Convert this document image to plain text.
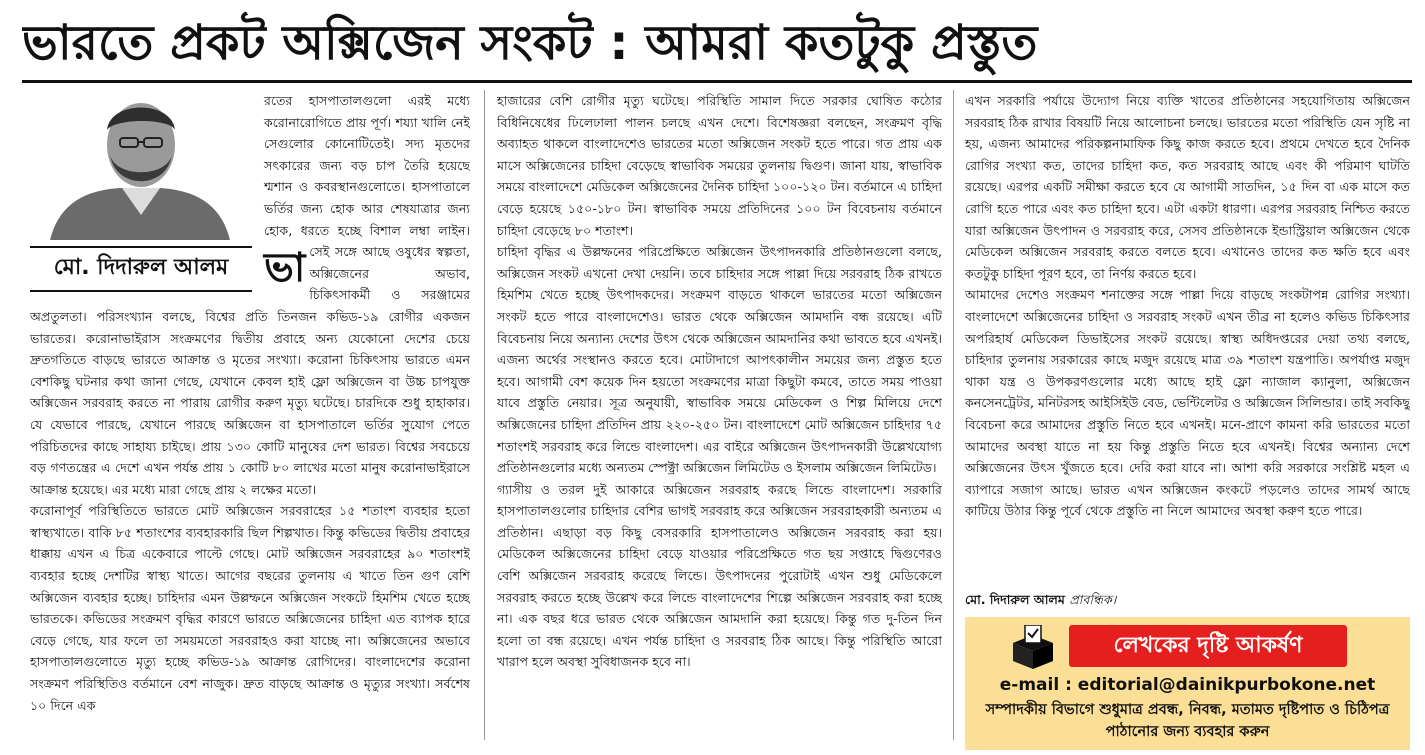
ভারতে প্রকট অক্সিজেন সংকট : আমরা কতটুকু প্রস্তুত
মো. দিদারুল আলম ভা
রতের হাসপাতালগুলো এরই মধ্যে করোনারোগিতে প্রায় পূর্ণ। শয্যা খালি নেই সেগুলোর কোনোটিতেই। সদ্য মৃতদের সৎকারের জন্য বড় চাপ তৈরি হয়েছে শ্মশান ও কবরস্থানগুলোতে। হাসপাতালে ভর্তির জন্য হোক আর শেষযাত্রার জন্য হোক, ধরতে হচ্ছে বিশাল লম্বা লাইন। সেই সঙ্গে আছে ওষুধের স্বল্পতা, অক্সিজেনের অভাব, চিকিৎসাকর্মী ও সরঞ্জামের অপ্রতুলতা। পরিসংখ্যান বলছে, বিশ্বের প্রতি তিনজন কভিড-১৯ রোগীর একজন ভারতের। করোনাভাইরাস সংক্রমণের দ্বিতীয় প্রবাহে অন্য যেকোনো দেশের চেয়ে দ্রুতগতিতে বাড়ছে ভারতে আক্রান্ত ও মৃতের সংখ্যা। করোনা চিকিৎসায় ভারতে এমন বেশকিছু ঘটনার কথা জানা গেছে, যেখানে কেবল হাই ফ্লো অক্সিজেন বা উচ্চ চাপযুক্ত অক্সিজেন সরবরাহ করতে না পারায় রোগীর করুণ মৃত্যু ঘটেছে। চারদিকে শুধু হাহাকার। যে যেভাবে পারছে, যেখানে পারছে অক্সিজেন বা হাসপাতালে ভর্তির সুযোগ পেতে পরিচিতদের কাছে সাহায্য চাইছে। প্রায় ১৩০ কোটি মানুষের দেশ ভারত। বিশ্বের সবচেয়ে বড় গণতন্ত্রের এ দেশে এখন পর্যন্ত প্রায় ১ কোটি ৮০ লাখের মতো মানুষ করোনাভাইরাসে আক্রান্ত হয়েছে। এর মধ্যে মারা গেছে প্রায় ২ লক্ষের মতো।

করোনাপূর্ব পরিস্থিতিতে ভারতে মোট অক্সিজেন সরবরাহের ১৫ শতাংশ ব্যবহার হতো স্বাস্থ্যখাতে। বাকি ৮৫ শতাংশের ব্যবহারকারি ছিল শিল্পখাত। কিন্তু কভিডের দ্বিতীয় প্রবাহের ধাক্কায় এখন এ চিত্র একেবারে পাল্টে গেছে। মোট অক্সিজেন সরবরাহের ৯০ শতাংশই ব্যবহার হচ্ছে দেশটির স্বাস্থ্য খাতে। আগের বছরের তুলনায় এ খাতে তিন গুণ বেশি অক্সিজেন ব্যবহার হচ্ছে। চাহিদার এমন উল্লম্ফনে অক্সিজেন সংকটে হিমশিম খেতে হচ্ছে ভারতকে। কভিডের সংক্রমণ বৃদ্ধির কারণে ভারতে অক্সিজেনের চাহিদা এত ব্যাপক হারে বেড়ে গেছে, যার ফলে তা সময়মতো সরবরাহও করা যাচ্ছে না। অক্সিজেনের অভাবে হাসপাতালগুলোতে মৃত্যু হচ্ছে কভিড-১৯ আক্রান্ত রোগিদের। বাংলাদেশের করোনা সংক্রমণ পরিস্থিতিও বর্তমানে বেশ নাজুক। দ্রুত বাড়ছে আক্রান্ত ও মৃত্যুর সংখ্যা। সর্বশেষ ১০ দিনে এক

হাজারের বেশি রোগীর মৃত্যু ঘটেছে। পরিস্থিতি সামাল দিতে সরকার ঘোষিত কঠোর বিধিনিষেধের ঢিলেঢালা পালন চলছে এখন দেশে। বিশেষজ্ঞরা বলছেন, সংক্রমণ বৃদ্ধি অব্যাহত থাকলে বাংলাদেশেও ভারতের মতো অক্সিজেন সংকট হতে পারে। গত প্রায় এক মাসে অক্সিজেনের চাহিদা বেড়েছে স্বাভাবিক সময়ের তুলনায় দ্বিগুণ। জানা যায়, স্বাভাবিক সময়ে বাংলাদেশে মেডিকেল অক্সিজেনের দৈনিক চাহিদা ১০০-১২০ টন। বর্তমানে এ চাহিদা বেড়ে হয়েছে ১৫০-১৮০ টন। স্বাভাবিক সময়ে প্রতিদিনের ১০০ টন বিবেচনায় বর্তমানে চাহিদা বেড়েছে ৮০ শতাংশ।

চাহিদা বৃদ্ধির এ উল্লম্ফনের পরিপ্রেক্ষিতে অক্সিজেন উৎপাদনকারি প্রতিষ্ঠানগুলো বলছে, অক্সিজেন সংকট এখনো দেখা দেয়নি। তবে চাহিদার সঙ্গে পাল্লা দিয়ে সরবরাহ ঠিক রাখতে হিমশিম খেতে হচ্ছে উৎপাদকদের। সংক্রমণ বাড়তে থাকলে ভারতের মতো অক্সিজেন সংকট হতে পারে বাংলাদেশেও। ভারত থেকে অক্সিজেন আমদানি বন্ধ রয়েছে। এটি বিবেচনায় নিয়ে অন্যান্য দেশের উৎস থেকে অক্সিজেন আমদানির কথা ভাবতে হবে এখনই। এজন্য অর্থের সংস্থানও করতে হবে। মোটাদাগে আপৎকালীন সময়ের জন্য প্রস্তুত হতে হবে। আগামী বেশ কয়েক দিন হয়তো সংক্রমণের মাত্রা কিছুটা কমবে, তাতে সময় পাওয়া যাবে প্রস্তুতি নেয়ার। সূত্র অনুযায়ী, স্বাভাবিক সময়ে মেডিকেল ও শিল্প মিলিয়ে দেশে অক্সিজেনের চাহিদা প্রতিদিন প্রায় ২২০-২৫০ টন। বাংলাদেশে মোট অক্সিজেন চাহিদার ৭৫ শতাংশই সরবরাহ করে লিন্ডে বাংলাদেশ। এর বাইরে অক্সিজেন উৎপাদনকারী উল্লেখযোগ্য প্রতিষ্ঠানগুলোর মধ্যে অন্যতম স্পেক্ট্রা অক্সিজেন লিমিটেড ও ইসলাম অক্সিজেন লিমিটেড।

গ্যাসীয় ও তরল দুই আকারে অক্সিজেন সরবরাহ করছে লিন্ডে বাংলাদেশ। সরকারি হাসপাতালগুলোর চাহিদার বেশির ভাগই সরবরাহ করে অক্সিজেন সরবরাহকারী অন্যতম এ প্রতিষ্ঠান। এছাড়া বড় কিছু বেসরকারি হাসপাতালেও অক্সিজেন সরবরাহ করা হয়। মেডিকেল অক্সিজেনের চাহিদা বেড়ে যাওয়ার পরিপ্রেক্ষিতে গত ছয় সপ্তাহে দ্বিগুণেরও বেশি অক্সিজেন সরবরাহ করেছে লিন্ডে। উৎপাদনের পুরোটাই এখন শুধু মেডিকেলে সরবরাহ করতে হচ্ছে উল্লেখ করে লিন্ডে বাংলাদেশের শিল্পে অক্সিজেন সরবরাহ করা হচ্ছে না। এক বছর ধরে ভারত থেকে অক্সিজেন আমদানি করা হয়েছে। কিন্তু গত দু-তিন দিন হলো তা বন্ধ রয়েছে। এখন পর্যন্ত চাহিদা ও সরবরাহ ঠিক আছে। কিন্তু পরিস্থিতি আরো খারাপ হলে অবস্থা সুবিধাজনক হবে না।

এখন সরকারি পর্যায়ে উদ্যোগ নিয়ে ব্যক্তি খাতের প্রতিষ্ঠানের সহযোগিতায় অক্সিজেন সরবরাহ ঠিক রাখার বিষয়টি নিয়ে আলোচনা চলছে। ভারতের মতো পরিস্থিতি যেন সৃষ্টি না হয়, এজন্য আমাদের পরিকল্পনামাফিক কিছু কাজ করতে হবে। প্রথমে দেখতে হবে দৈনিক রোগির সংখ্যা কত, তাদের চাহিদা কত, কত সরবরাহ আছে এবং কী পরিমাণ ঘাটতি রয়েছে। এরপর একটি সমীক্ষা করতে হবে যে আগামী সাতদিন, ১৫ দিন বা এক মাসে কত রোগি হতে পারে এবং কত চাহিদা হবে। এটা একটা ধারণা। এরপর সরবরাহ নিশ্চিত করতে যারা অক্সিজেন উৎপাদন ও সরবরাহ করে, সেসব প্রতিষ্ঠানকে ইন্ডাস্ট্রিয়াল অক্সিজেন থেকে মেডিকেল অক্সিজেন সরবরাহ করতে বলতে হবে। এখানেও তাদের কত ক্ষতি হবে এবং কতটুকু চাহিদা পূরণ হবে, তা নির্ণয় করতে হবে।

আমাদের দেশেও সংক্রমণ শনাক্তের সঙ্গে পাল্লা দিয়ে বাড়ছে সংকটাপন্ন রোগির সংখ্যা। বাংলাদেশে অক্সিজেনের চাহিদা ও সরবরাহ সংকট এখন তীব্র না হলেও কভিড চিকিৎসার অপরিহার্য মেডিকেল ডিভাইসের সংকট রয়েছে। স্বাস্থ্য অধিদপ্তরের দেয়া তথ্য বলছে, চাহিদার তুলনায় সরকারের কাছে মজুদ রয়েছে মাত্র ৩৯ শতাংশ যন্ত্রপাতি। অপর্যাপ্ত মজুদ থাকা যন্ত্র ও উপকরণগুলোর মধ্যে আছে হাই ফ্লো ন্যাজাল ক্যানুলা, অক্সিজেন কনসেনট্রেটর, মনিটরসহ আইসিইউ বেড, ভেন্টিলেটর ও অক্সিজেন সিলিন্ডার। তাই সবকিছু বিবেচনা করে আমাদের প্রস্তুতি নিতে হবে এখনই। মনে-প্রাণে কামনা করি ভারতের মতো আমাদের অবস্থা যাতে না হয় কিন্তু প্রস্তুতি নিতে হবে এখনই। বিশ্বের অন্যান্য দেশে অক্সিজেনের উৎস খুঁজতে হবে। দেরি করা যাবে না। আশা করি সরকারে সংশ্লিষ্ট মহল এ ব্যাপারে সজাগ আছে। ভারত এখন অক্সিজেন কংকটে পড়লেও তাদের সামর্থ আছে কাটিয়ে উঠার কিন্তু পূর্বে থেকে প্রস্তুতি না নিলে আমাদের অবস্থা করুণ হতে পারে।

মো. দিদারুল আলম প্রাবন্ধিক।
লেখকের দৃষ্টি আকর্ষণ
e-mail : editorial@dainikpurbokone.net
সম্পাদকীয় বিভাগে শুধুমাত্র প্রবন্ধ, নিবন্ধ, মতামত দৃষ্টিপাত ও চিঠিপত্র পাঠানোর জন্য ব্যবহার করুন
